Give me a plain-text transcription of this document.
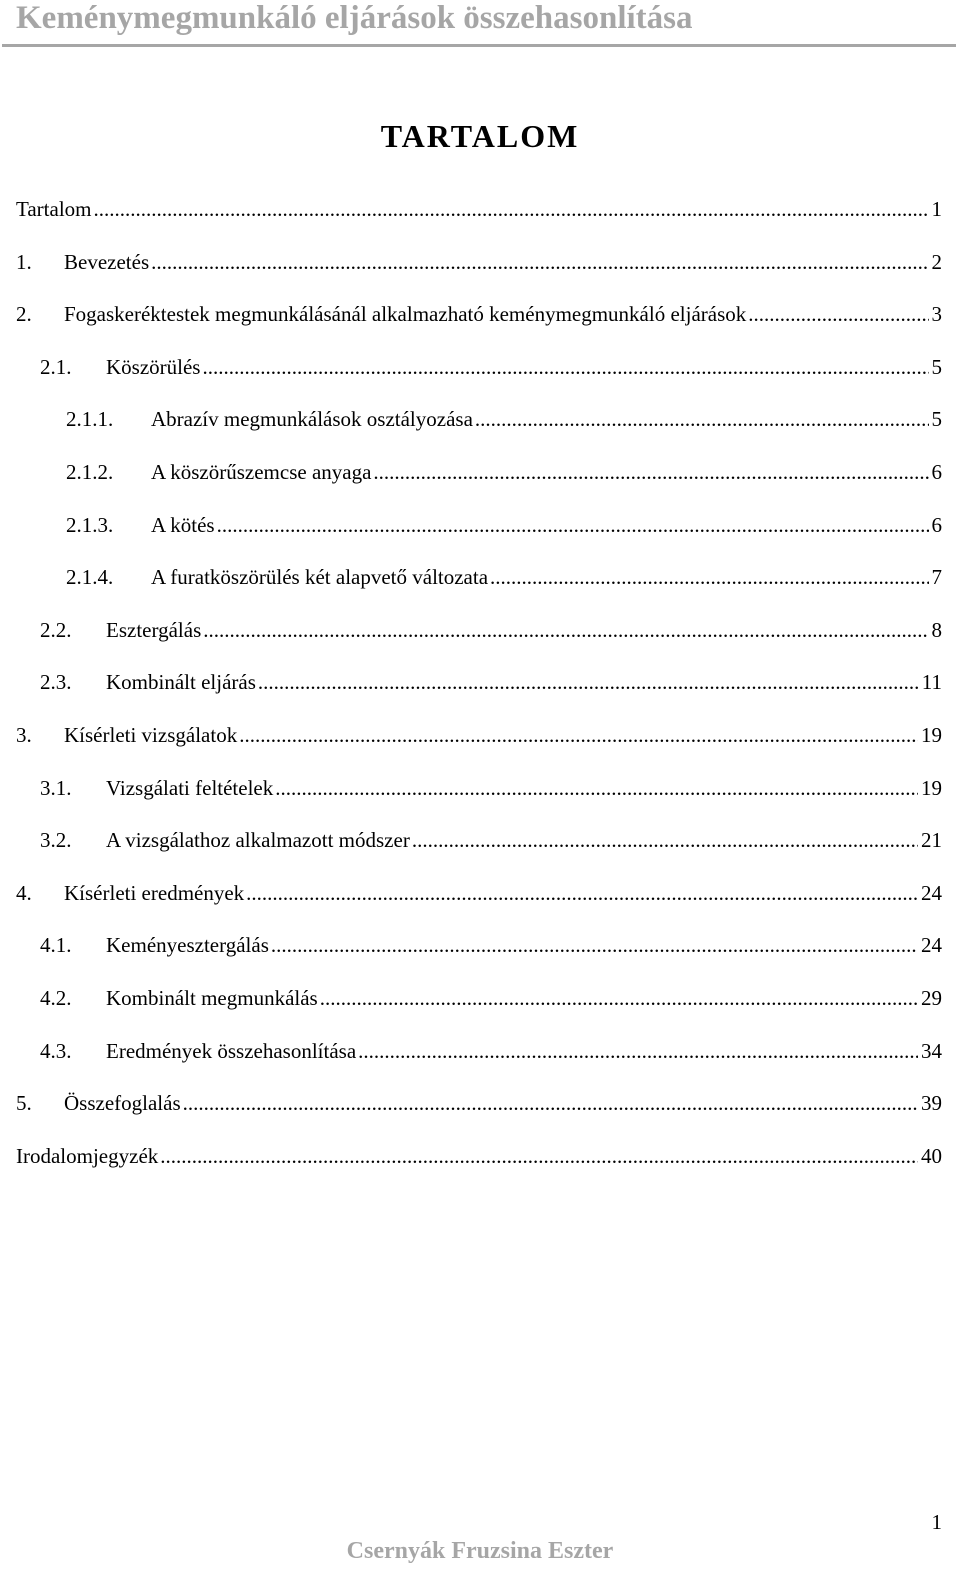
Keménymegmunkáló eljárások összehasonlítása
TARTALOM
Tartalom .....	1
1.	Bevezetés .....	2
2.	Fogaskeréktestek megmunkálásánál alkalmazható keménymegmunkáló eljárások .....	3
2.1.	Köszörülés .....	5
2.1.1.	Abrazív megmunkálások osztályozása .....	5
2.1.2.	A köszörűszemcse anyaga .....	6
2.1.3.	A kötés .....	6
2.1.4.	A furatköszörülés két alapvető változata .....	7
2.2.	Esztergálás .....	8
2.3.	Kombinált eljárás .....	11
3.	Kísérleti vizsgálatok .....	19
3.1.	Vizsgálati feltételek .....	19
3.2.	A vizsgálathoz alkalmazott módszer .....	21
4.	Kísérleti eredmények .....	24
4.1.	Keményesztergálás .....	24
4.2.	Kombinált megmunkálás .....	29
4.3.	Eredmények összehasonlítása .....	34
5.	Összefoglalás .....	39
Irodalomjegyzék .....	40
1
Csernyák Fruzsina Eszter
